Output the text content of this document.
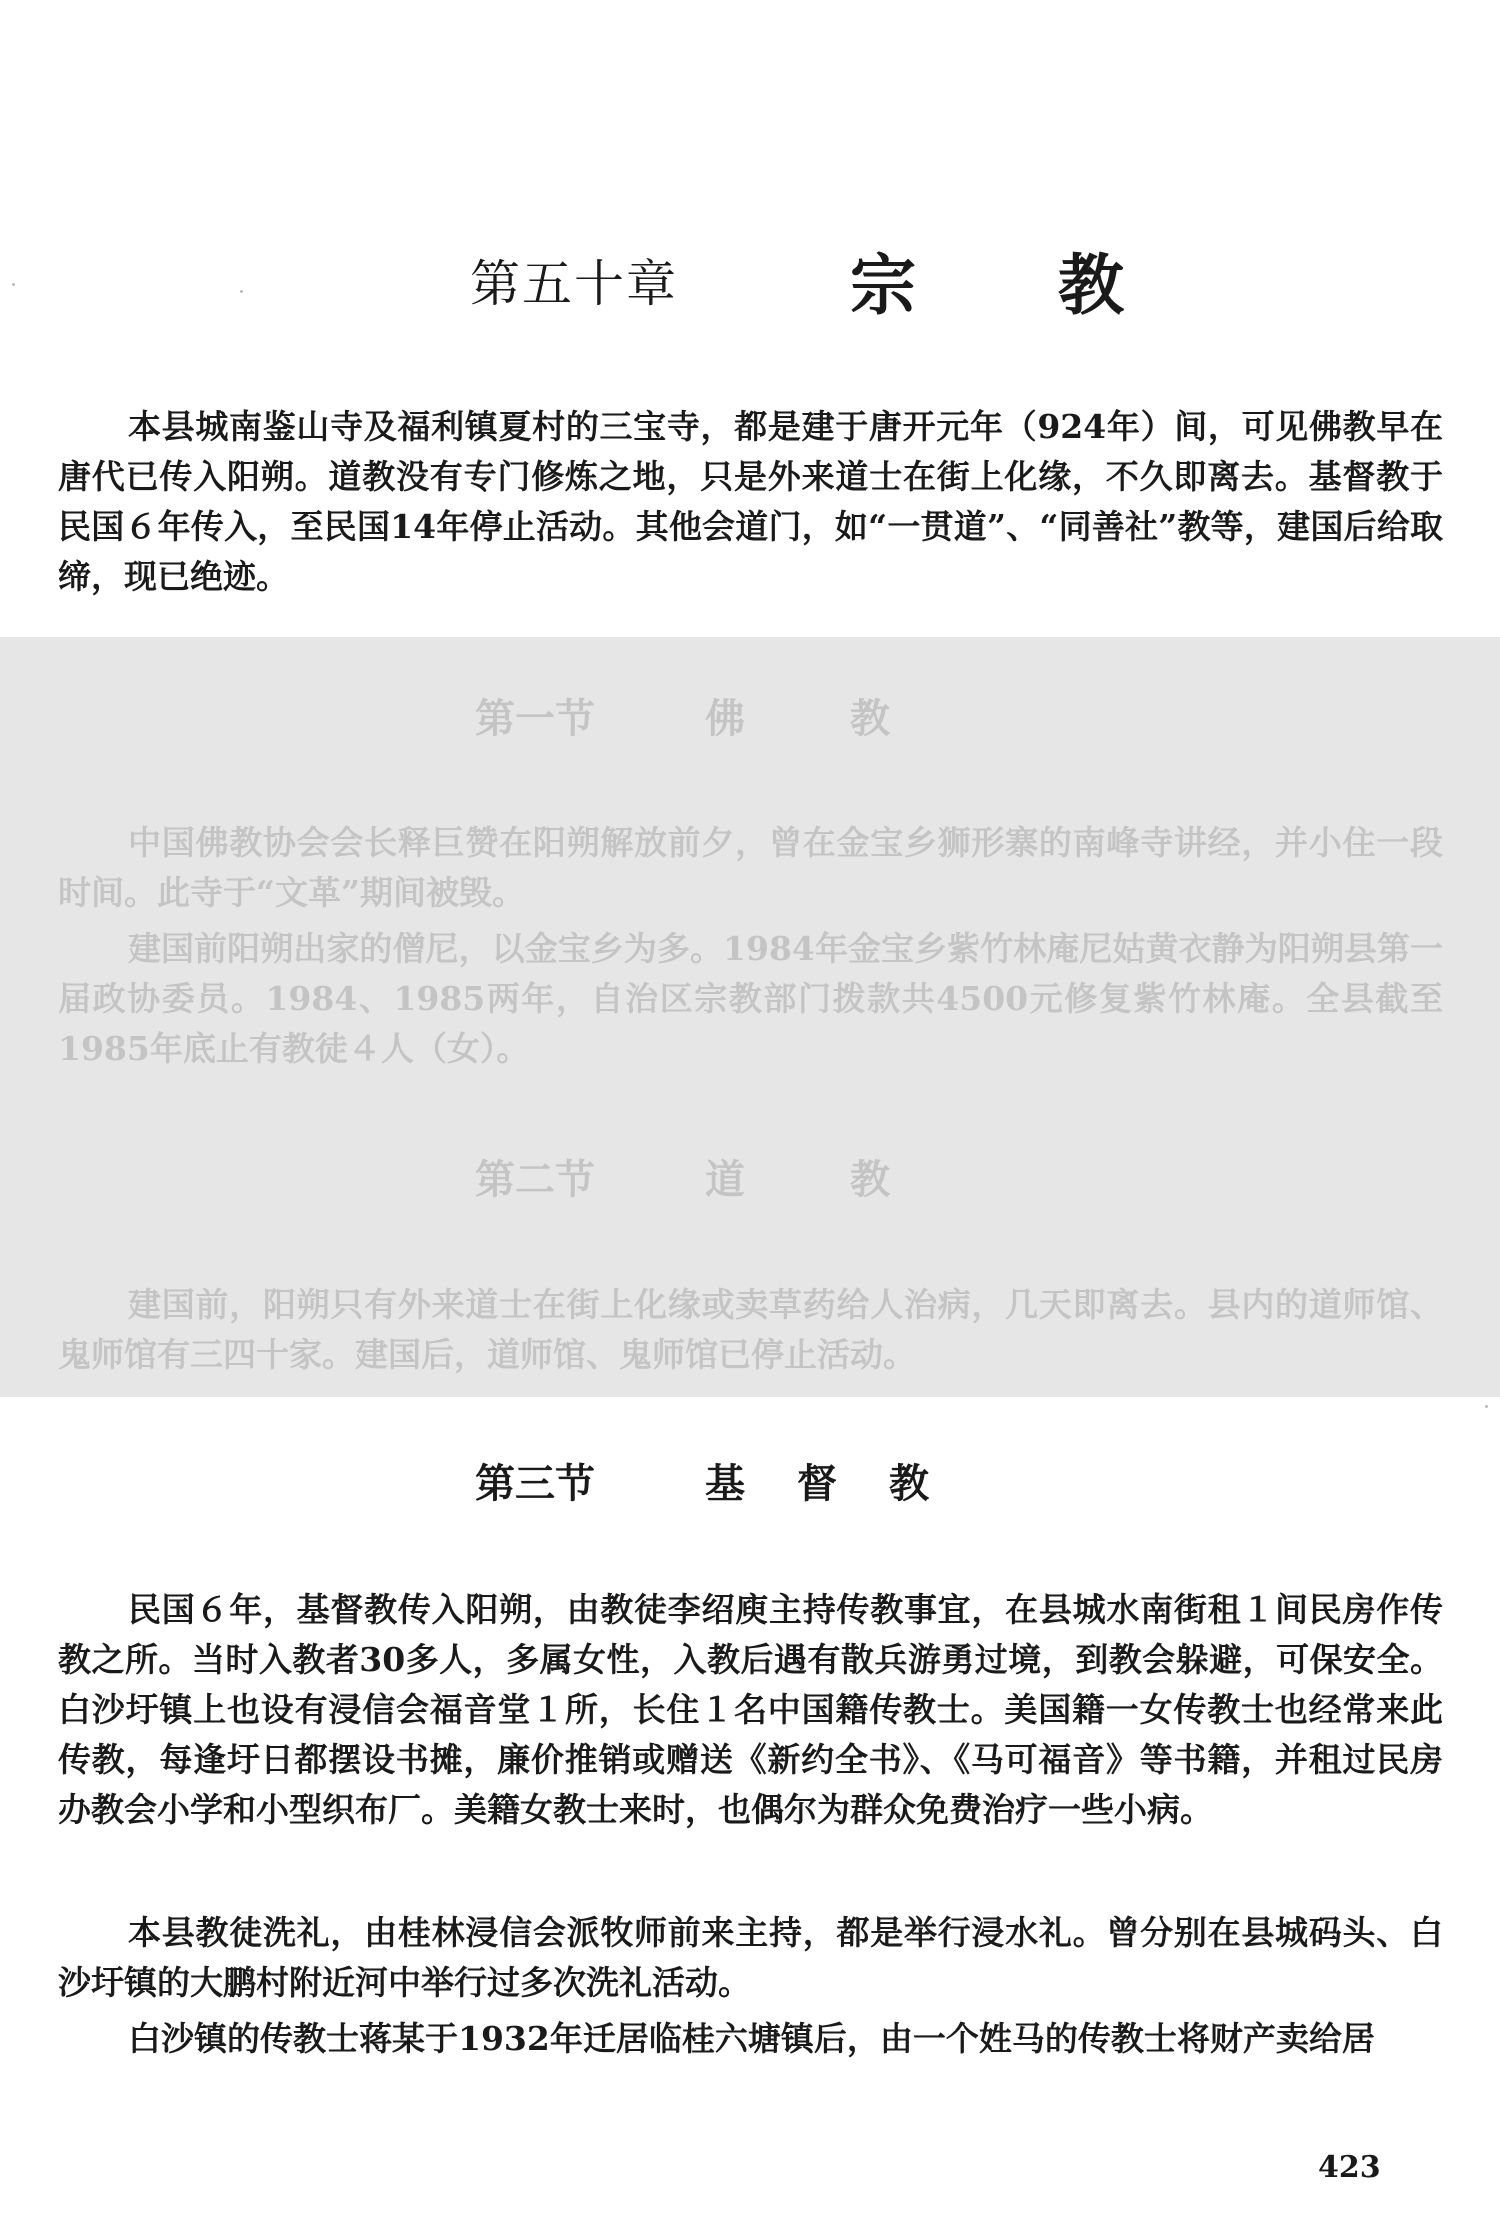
第五十章	宗教

本县城南鉴山寺及福利镇夏村的三宝寺，都是建于唐开元年（924年）间，可见佛教早在唐代已传入阳朔。道教没有专门修炼之地，只是外来道士在街上化缘，不久即离去。基督教于民国６年传入，至民国14年停止活动。其他会道门，如“一贯道”、“同善社”教等，建国后给取缔，现已绝迹。

第一节	佛教

中国佛教协会会长释巨赞在阳朔解放前夕，曾在金宝乡狮形寨的南峰寺讲经，并小住一段时间。此寺于“文革”期间被毁。

建国前阳朔出家的僧尼，以金宝乡为多。1984年金宝乡紫竹林庵尼姑黄衣静为阳朔县第一届政协委员。1984、1985两年，自治区宗教部门拨款共4500元修复紫竹林庵。全县截至1985年底止有教徒４人（女）。

第二节	道教

建国前，阳朔只有外来道士在街上化缘或卖草药给人治病，几天即离去。县内的道师馆、鬼师馆有三四十家。建国后，道师馆、鬼师馆已停止活动。

第三节	基督教

民国６年，基督教传入阳朔，由教徒李绍庾主持传教事宜，在县城水南街租１间民房作传教之所。当时入教者30多人，多属女性，入教后遇有散兵游勇过境，到教会躲避，可保安全。白沙圩镇上也设有浸信会福音堂１所，长住１名中国籍传教士。美国籍一女传教士也经常来此传教，每逢圩日都摆设书摊，廉价推销或赠送《新约全书》、《马可福音》等书籍，并租过民房办教会小学和小型织布厂。美籍女教士来时，也偶尔为群众免费治疗一些小病。

本县教徒洗礼，由桂林浸信会派牧师前来主持，都是举行浸水礼。曾分别在县城码头、白沙圩镇的大鹏村附近河中举行过多次洗礼活动。

白沙镇的传教士蒋某于1932年迁居临桂六塘镇后，由一个姓马的传教士将财产卖给居

423
